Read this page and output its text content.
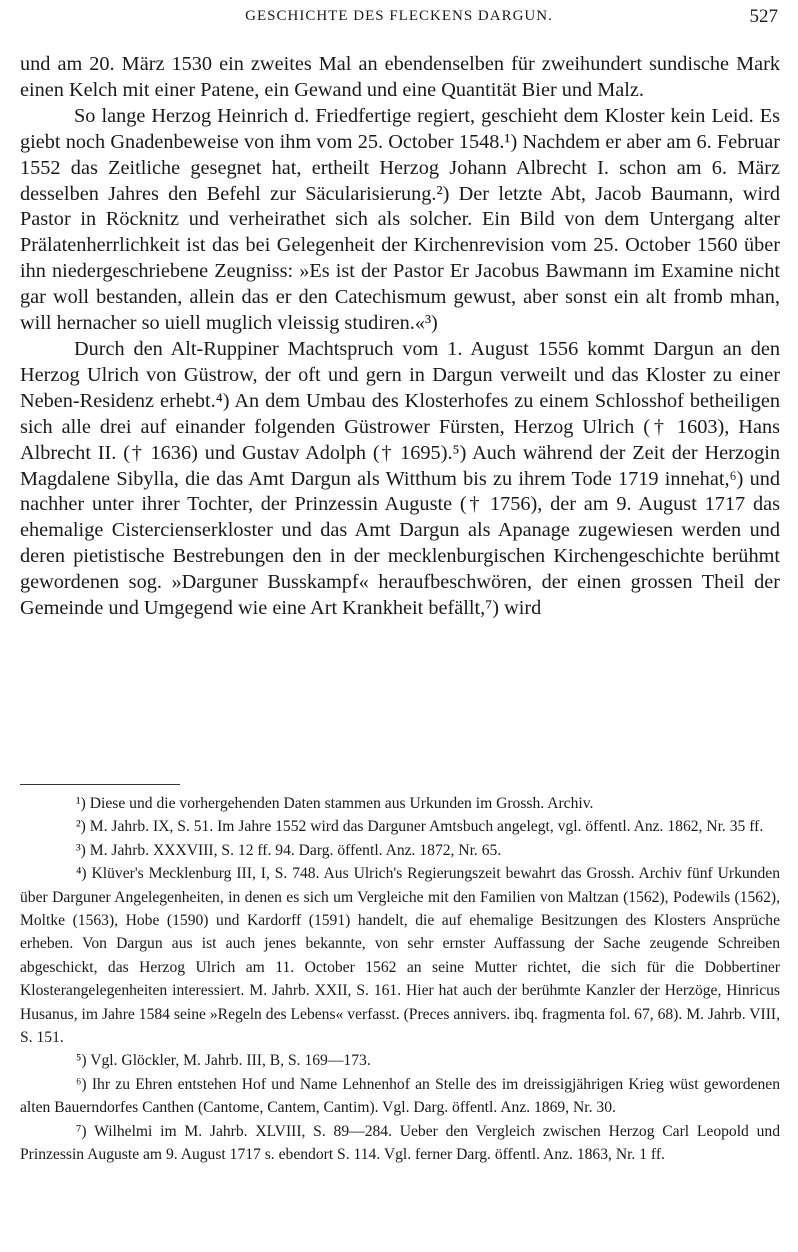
GESCHICHTE DES FLECKENS DARGUN.	527

und am 20. März 1530 ein zweites Mal an ebendenselben für zweihundert sundische Mark einen Kelch mit einer Patene, ein Gewand und eine Quantität Bier und Malz.

So lange Herzog Heinrich d. Friedfertige regiert, geschieht dem Kloster kein Leid. Es giebt noch Gnadenbeweise von ihm vom 25. October 1548.¹) Nachdem er aber am 6. Februar 1552 das Zeitliche gesegnet hat, ertheilt Herzog Johann Albrecht I. schon am 6. März desselben Jahres den Befehl zur Säcularisierung.²) Der letzte Abt, Jacob Baumann, wird Pastor in Röcknitz und verheirathet sich als solcher. Ein Bild von dem Untergang alter Prälatenherrlichkeit ist das bei Gelegenheit der Kirchenrevision vom 25. October 1560 über ihn niedergeschriebene Zeugniss: »Es ist der Pastor Er Jacobus Bawmann im Examine nicht gar woll bestanden, allein das er den Catechismum gewust, aber sonst ein alt fromb mhan, will hernacher so uiell muglich vleissig studiren.«³)

Durch den Alt-Ruppiner Machtspruch vom 1. August 1556 kommt Dargun an den Herzog Ulrich von Güstrow, der oft und gern in Dargun verweilt und das Kloster zu einer Neben-Residenz erhebt.⁴) An dem Umbau des Klosterhofes zu einem Schlosshof betheiligen sich alle drei auf einander folgenden Güstrower Fürsten, Herzog Ulrich († 1603), Hans Albrecht II. († 1636) und Gustav Adolph († 1695).⁵) Auch während der Zeit der Herzogin Magdalene Sibylla, die das Amt Dargun als Witthum bis zu ihrem Tode 1719 innehat,⁶) und nachher unter ihrer Tochter, der Prinzessin Auguste († 1756), der am 9. August 1717 das ehemalige Cistercienserkloster und das Amt Dargun als Apanage zugewiesen werden und deren pietistische Bestrebungen den in der mecklenburgischen Kirchengeschichte berühmt gewordenen sog. »Darguner Busskampf« heraufbeschwören, der einen grossen Theil der Gemeinde und Umgegend wie eine Art Krankheit befällt,⁷) wird

¹) Diese und die vorhergehenden Daten stammen aus Urkunden im Grossh. Archiv.

²) M. Jahrb. IX, S. 51. Im Jahre 1552 wird das Darguner Amtsbuch angelegt, vgl. öffentl. Anz. 1862, Nr. 35 ff.

³) M. Jahrb. XXXVIII, S. 12 ff. 94. Darg. öffentl. Anz. 1872, Nr. 65.

⁴) Klüver's Mecklenburg III, I, S. 748. Aus Ulrich's Regierungszeit bewahrt das Grossh. Archiv fünf Urkunden über Darguner Angelegenheiten, in denen es sich um Vergleiche mit den Familien von Maltzan (1562), Podewils (1562), Moltke (1563), Hobe (1590) und Kardorff (1591) handelt, die auf ehemalige Besitzungen des Klosters Ansprüche erheben. Von Dargun aus ist auch jenes bekannte, von sehr ernster Auffassung der Sache zeugende Schreiben abgeschickt, das Herzog Ulrich am 11. October 1562 an seine Mutter richtet, die sich für die Dobbertiner Klosterangelegenheiten interessiert. M. Jahrb. XXII, S. 161. Hier hat auch der berühmte Kanzler der Herzöge, Hinricus Husanus, im Jahre 1584 seine »Regeln des Lebens« verfasst. (Preces annivers. ibq. fragmenta fol. 67, 68). M. Jahrb. VIII, S. 151.

⁵) Vgl. Glöckler, M. Jahrb. III, B, S. 169—173.

⁶) Ihr zu Ehren entstehen Hof und Name Lehnenhof an Stelle des im dreissigjährigen Krieg wüst gewordenen alten Bauerndorfes Canthen (Cantome, Cantem, Cantim). Vgl. Darg. öffentl. Anz. 1869, Nr. 30.

⁷) Wilhelmi im M. Jahrb. XLVIII, S. 89—284. Ueber den Vergleich zwischen Herzog Carl Leopold und Prinzessin Auguste am 9. August 1717 s. ebendort S. 114. Vgl. ferner Darg. öffentl. Anz. 1863, Nr. 1 ff.
